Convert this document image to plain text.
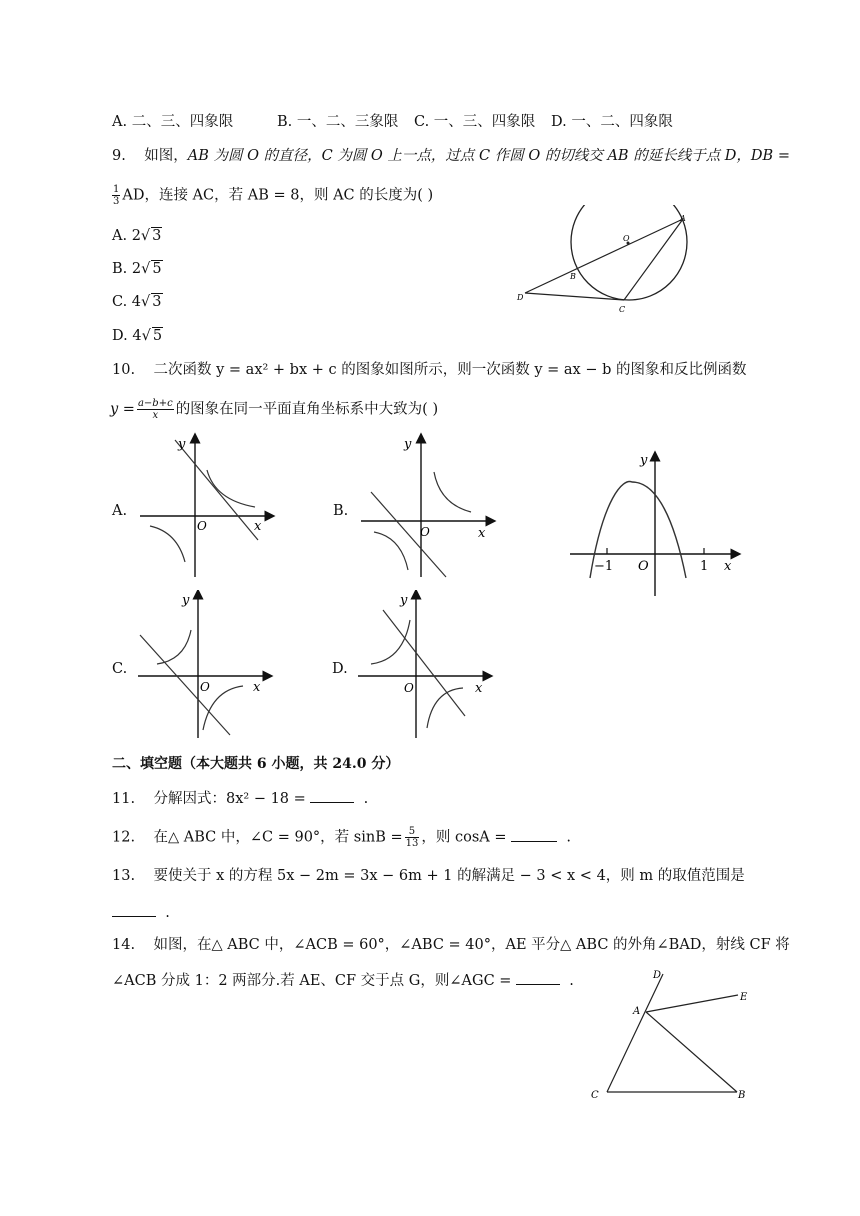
A. 二、三、四象限	B. 一、二、三象限 C. 一、三、四象限 D. 一、二、四象限
9. 如图，AB 为圆 O 的直径，C 为圆 O 上一点，过点 C 作圆 O 的切线交 AB 的延长线于点 D，DB =
$\frac{1}{3}$ AD，连接 AC，若 AB = 8，则 AC 的长度为( )
A. 2√ 3
B. 2√ 5
C. 4√ 3
D. 4√ 5
A
O
B
D
C
10. 二次函数 y = ax² + bx + c 的图象如图所示，则一次函数 y = ax − b 的图象和反比例函数
$y = \frac{a-b+c}{x}$ 的图象在同一平面直角坐标系中大致为( )
A.
y
x
O
B.
y
x
O
y
x
O
−1	1
C.
y
x
O
D.
y
x
O
二、填空题（本大题共 6 小题，共 24.0 分）
11. 分解因式：8x² − 18 =	.
12. 在△ ABC 中，∠C = 90°，若 $\sin B = \frac{5}{13}$ ，则 cosA =	.
13. 要使关于 x 的方程 5x − 2m = 3x − 6m + 1 的解满足 − 3 < x < 4，则 m 的取值范围是
.
14. 如图，在△ ABC 中，∠ACB = 60°，∠ABC = 40°，AE 平分△ ABC 的外角∠BAD，射线 CF 将
∠ACB 分成 1：2 两部分.若 AE、CF 交于点 G，则∠AGC =	.	D
E
A
C	B
